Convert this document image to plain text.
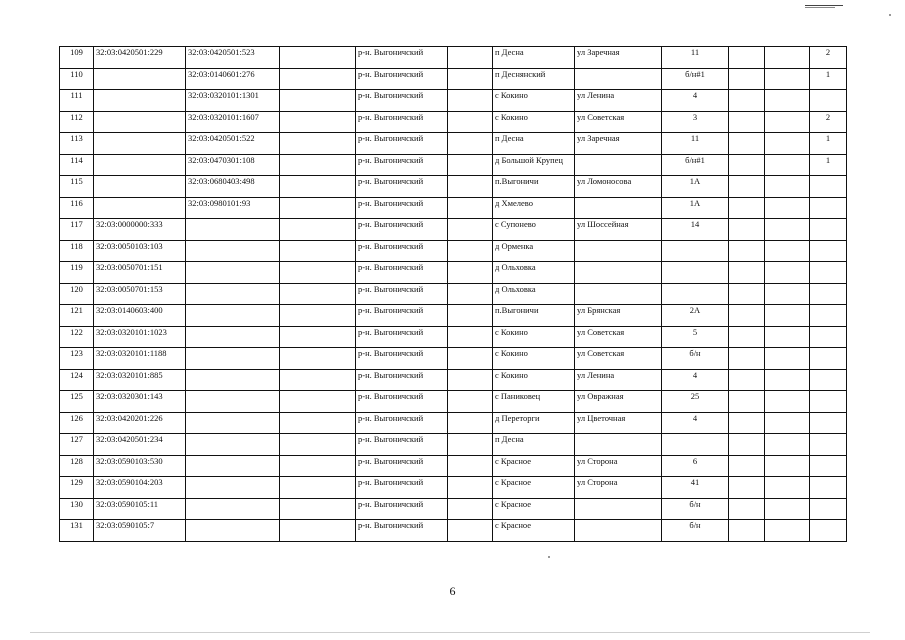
109	32:03:0420501:229	32:03:0420501:523		р-н. Выгоничский		п Десна	ул Заречная	11			2
110		32:03:0140601:276		р-н. Выгоничский		п Деснянский		б/н#1			1
111		32:03:0320101:1301		р-н. Выгоничский		с Кокино	ул Ленина	4			
112		32:03:0320101:1607		р-н. Выгоничский		с Кокино	ул Советская	3			2
113		32:03:0420501:522		р-н. Выгоничский		п Десна	ул Заречная	11			1
114		32:03:0470301:108		р-н. Выгоничский		д Большой Крупец		б/н#1			1
115		32:03:0680403:498		р-н. Выгоничский		п.Выгоничи	ул Ломоносова	1А			
116		32:03:0980101:93		р-н. Выгоничский		д Хмелево		1А			
117	32:03:0000000:333			р-н. Выгоничский		с Супонево	ул Шоссейная	14			
118	32:03:0050103:103			р-н. Выгоничский		д Орменка					
119	32:03:0050701:151			р-н. Выгоничский		д Ольховка					
120	32:03:0050701:153			р-н. Выгоничский		д Ольховка					
121	32:03:0140603:400			р-н. Выгоничский		п.Выгоничи	ул Брянская	2А			
122	32:03:0320101:1023			р-н. Выгоничский		с Кокино	ул Советская	5			
123	32:03:0320101:1188			р-н. Выгоничский		с Кокино	ул Советская	б/н			
124	32:03:0320101:885			р-н. Выгоничский		с Кокино	ул Ленина	4			
125	32:03:0320301:143			р-н. Выгоничский		с Паниковец	ул Овражная	25			
126	32:03:0420201:226			р-н. Выгоничский		д Переторги	ул Цветочная	4			
127	32:03:0420501:234			р-н. Выгоничский		п Десна					
128	32:03:0590103:530			р-н. Выгоничский		с Красное	ул Сторона	6			
129	32:03:0590104:203			р-н. Выгоничский		с Красное	ул Сторона	41			
130	32:03:0590105:11			р-н. Выгоничский		с Красное		б/н			
131	32:03:0590105:7			р-н. Выгоничский		с Красное		б/н			
6
